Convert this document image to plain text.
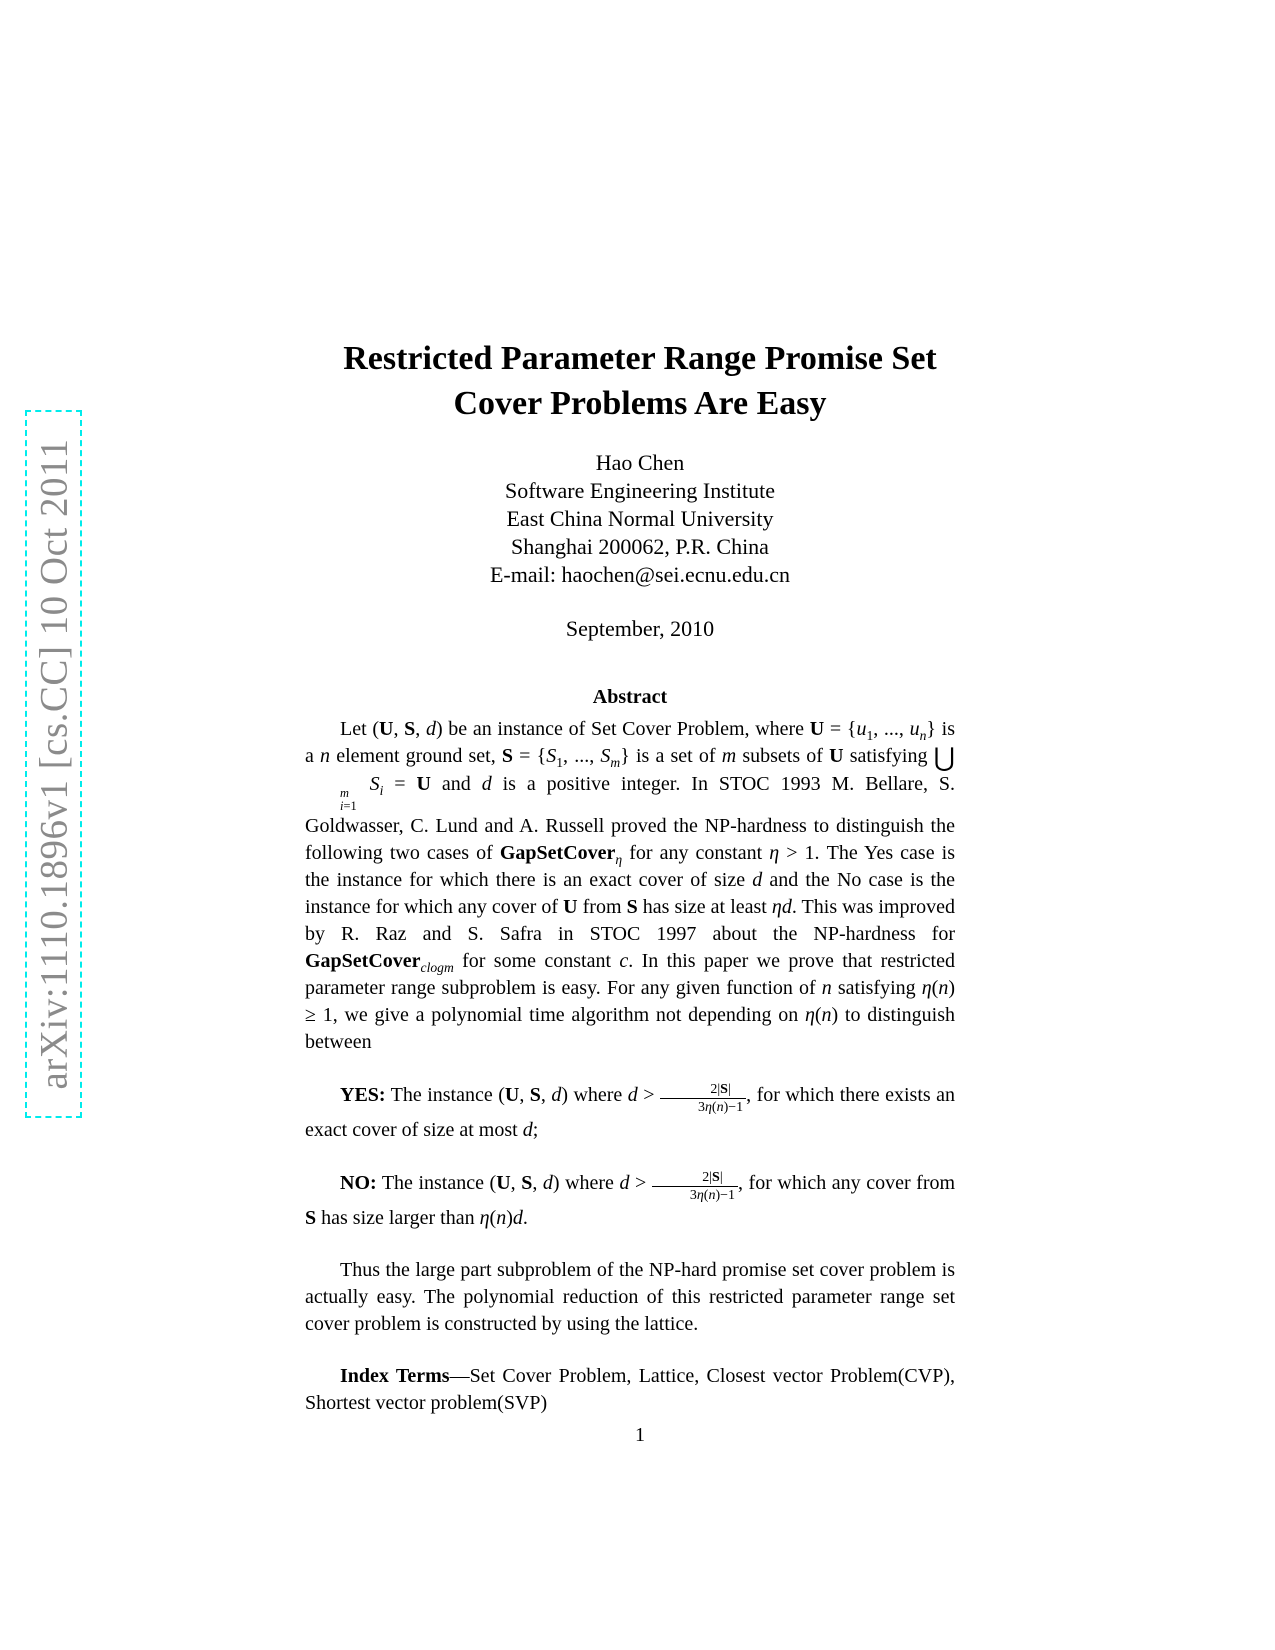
arXiv:1110.1896v1 [cs.CC] 10 Oct 2011
Restricted Parameter Range Promise Set
Cover Problems Are Easy
Hao Chen
Software Engineering Institute
East China Normal University
Shanghai 200062, P.R. China
E-mail: haochen@sei.ecnu.edu.cn
September, 2010
Abstract

Let (U, S, d) be an instance of Set Cover Problem, where $U = \{u_1$, ..., $u_n$} is a n element ground set, $S = \{S_1$, ..., $S_m$} is a set of m subsets of U satisfying ⋃
m
i=1
$S_i = U$ and d is a positive integer. In STOC 1993 M. Bellare, S. Goldwasser, C. Lund and A. Russell proved the NP-hardness to distinguish the following two cases of GapSetCover$_\eta$ for any constant η > 1. The Yes case is the instance for which there is an exact cover of size d and the No case is the instance for which any cover of U from S has size at least ηd. This was improved by R. Raz and S. Safra in STOC 1997 about the NP-hardness for GapSetCover$_{clogm}$ for some constant c. In this paper we prove that restricted parameter range subproblem is easy. For any given function of n satisfying η(n) ≥ 1, we give a polynomial time algorithm not depending on η(n) to distinguish between

YES: The instance (U, S, d) where $d > \frac{2|S|}{3\eta(n)-1}$ , for which there exists an exact cover of size at most d;

NO: The instance (U, S, d) where $d > \frac{2|S|}{3\eta(n)-1}$ , for which any cover from S has size larger than η(n)d.

Thus the large part subproblem of the NP-hard promise set cover problem is actually easy. The polynomial reduction of this restricted parameter range set cover problem is constructed by using the lattice.

Index Terms—Set Cover Problem, Lattice, Closest vector Problem(CVP), Shortest vector problem(SVP)

1
